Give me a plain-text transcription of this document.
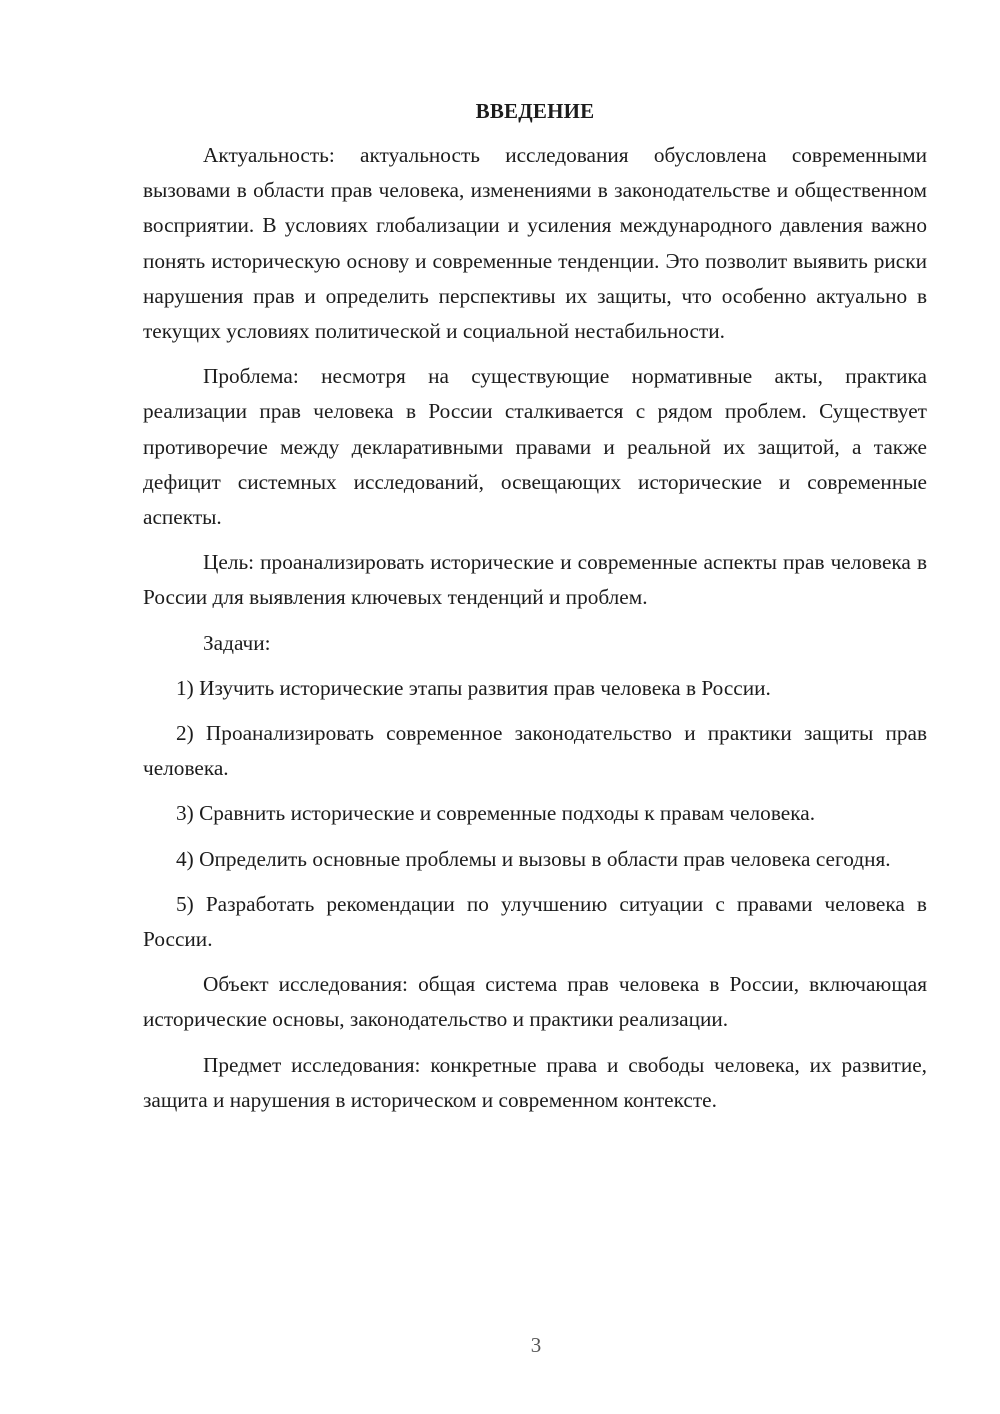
ВВЕДЕНИЕ

Актуальность: актуальность исследования обусловлена современными вызовами в области прав человека, изменениями в законодательстве и общественном восприятии. В условиях глобализации и усиления международного давления важно понять историческую основу и современные тенденции. Это позволит выявить риски нарушения прав и определить перспективы их защиты, что особенно актуально в текущих условиях политической и социальной нестабильности.

Проблема: несмотря на существующие нормативные акты, практика реализации прав человека в России сталкивается с рядом проблем. Существует противоречие между декларативными правами и реальной их защитой, а также дефицит системных исследований, освещающих исторические и современные аспекты.

Цель: проанализировать исторические и современные аспекты прав человека в России для выявления ключевых тенденций и проблем.

Задачи:

1) Изучить исторические этапы развития прав человека в России.

2) Проанализировать современное законодательство и практики защиты прав человека.

3) Сравнить исторические и современные подходы к правам человека.

4) Определить основные проблемы и вызовы в области прав человека сегодня.

5) Разработать рекомендации по улучшению ситуации с правами человека в России.

Объект исследования: общая система прав человека в России, включающая исторические основы, законодательство и практики реализации.

Предмет исследования: конкретные права и свободы человека, их развитие, защита и нарушения в историческом и современном контексте.

3
